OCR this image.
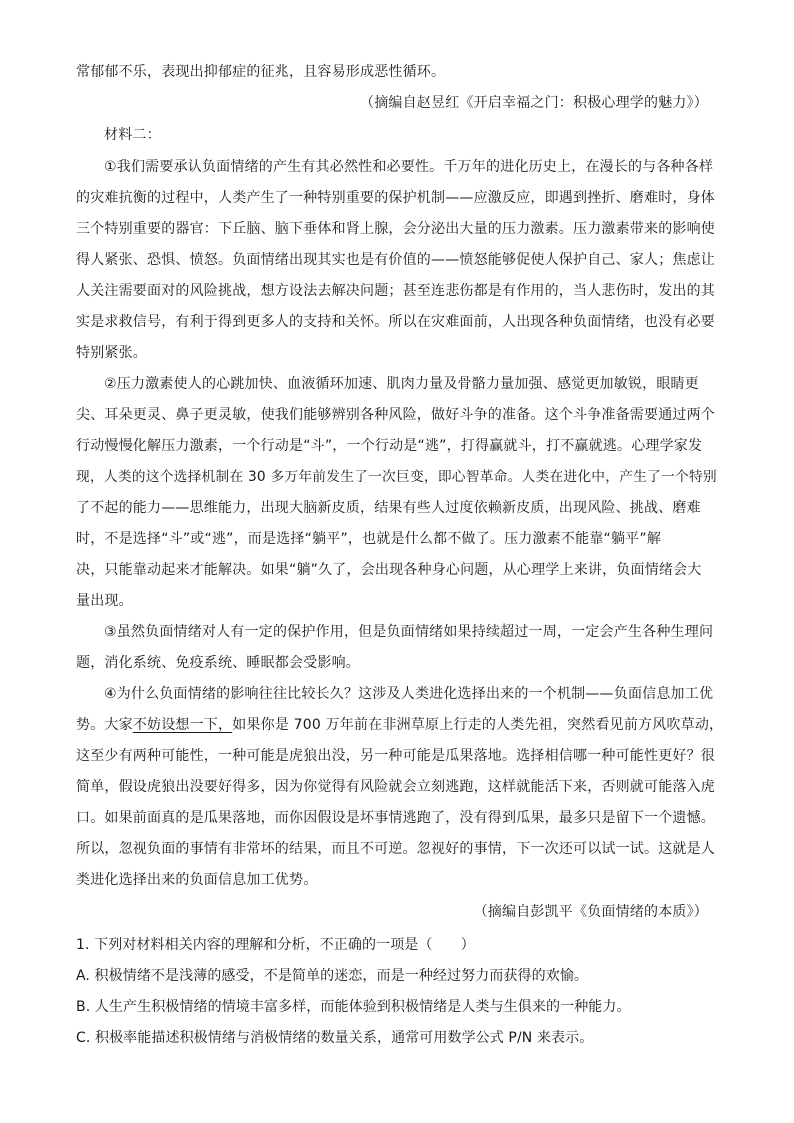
常郁郁不乐，表现出抑郁症的征兆，且容易形成恶性循环。
（摘编自赵昱红《开启幸福之门：积极心理学的魅力》）
材料二：
①我们需要承认负面情绪的产生有其必然性和必要性。千万年的进化历史上，在漫长的与各种各样
的灾难抗衡的过程中，人类产生了一种特别重要的保护机制——应激反应，即遇到挫折、磨难时，身体
三个特别重要的器官：下丘脑、脑下垂体和肾上腺，会分泌出大量的压力激素。压力激素带来的影响使
得人紧张、恐惧、愤怒。负面情绪出现其实也是有价值的——愤怒能够促使人保护自己、家人；焦虑让
人关注需要面对的风险挑战，想方设法去解决问题；甚至连悲伤都是有作用的，当人悲伤时，发出的其
实是求救信号，有利于得到更多人的支持和关怀。所以在灾难面前，人出现各种负面情绪，也没有必要
特别紧张。
②压力激素使人的心跳加快、血液循环加速、肌肉力量及骨骼力量加强、感觉更加敏锐，眼睛更
尖、耳朵更灵、鼻子更灵敏，使我们能够辨别各种风险，做好斗争的准备。这个斗争准备需要通过两个
行动慢慢化解压力激素，一个行动是“斗”，一个行动是“逃”，打得赢就斗，打不赢就逃。心理学家发
现，人类的这个选择机制在 30 多万年前发生了一次巨变，即心智革命。人类在进化中，产生了一个特别
了不起的能力——思维能力，出现大脑新皮质，结果有些人过度依赖新皮质，出现风险、挑战、磨难
时，不是选择“斗”或“逃”，而是选择“躺平”，也就是什么都不做了。压力激素不能靠“躺平”解
决，只能靠动起来才能解决。如果“躺”久了，会出现各种身心问题，从心理学上来讲，负面情绪会大
量出现。
③虽然负面情绪对人有一定的保护作用，但是负面情绪如果持续超过一周，一定会产生各种生理问
题，消化系统、免疫系统、睡眠都会受影响。
④为什么负面情绪的影响往往比较长久？这涉及人类进化选择出来的一个机制——负面信息加工优
势。大家不妨设想一下，如果你是 700 万年前在非洲草原上行走的人类先祖，突然看见前方风吹草动，
这至少有两种可能性，一种可能是虎狼出没，另一种可能是瓜果落地。选择相信哪一种可能性更好？很
简单，假设虎狼出没要好得多，因为你觉得有风险就会立刻逃跑，这样就能活下来，否则就可能落入虎
口。如果前面真的是瓜果落地，而你因假设是坏事情逃跑了，没有得到瓜果，最多只是留下一个遗憾。
所以，忽视负面的事情有非常坏的结果，而且不可逆。忽视好的事情，下一次还可以试一试。这就是人
类进化选择出来的负面信息加工优势。
（摘编自彭凯平《负面情绪的本质》）
1. 下列对材料相关内容的理解和分析，不正确的一项是（　　）
A. 积极情绪不是浅薄的感受，不是简单的迷恋，而是一种经过努力而获得的欢愉。
B. 人生产生积极情绪的情境丰富多样，而能体验到积极情绪是人类与生俱来的一种能力。
C. 积极率能描述积极情绪与消极情绪的数量关系，通常可用数学公式 P/N 来表示。
